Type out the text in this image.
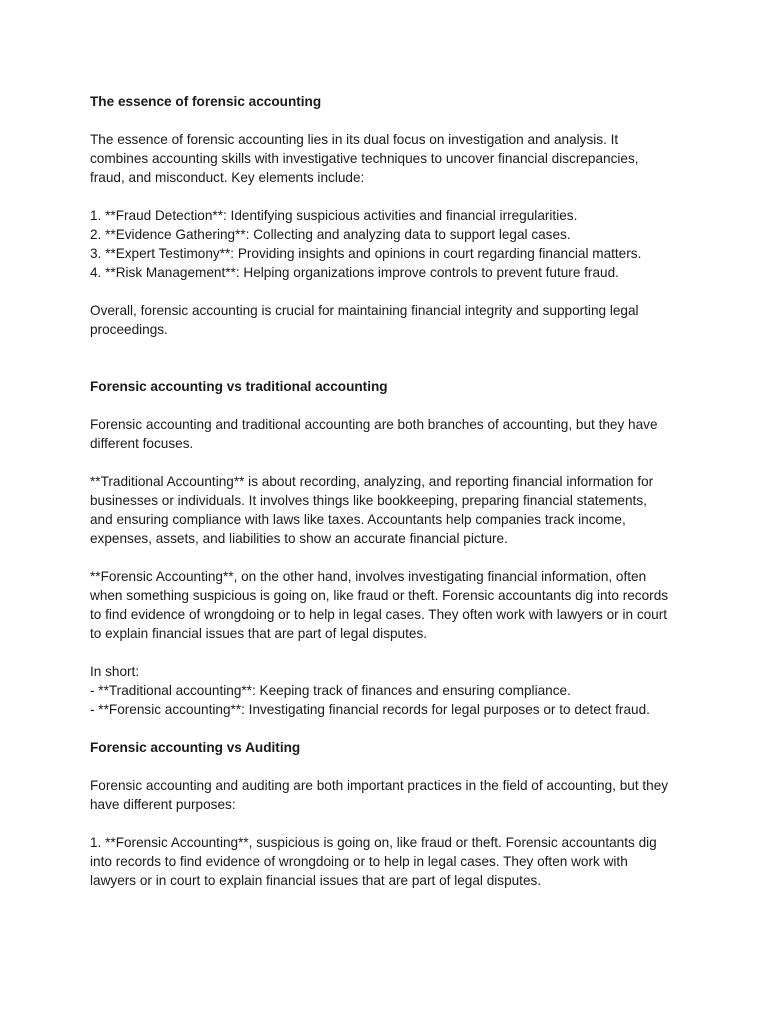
The essence of forensic accounting

The essence of forensic accounting lies in its dual focus on investigation and analysis. It
combines accounting skills with investigative techniques to uncover financial discrepancies,
fraud, and misconduct. Key elements include:

1. **Fraud Detection**: Identifying suspicious activities and financial irregularities.
2. **Evidence Gathering**: Collecting and analyzing data to support legal cases.
3. **Expert Testimony**: Providing insights and opinions in court regarding financial matters.
4. **Risk Management**: Helping organizations improve controls to prevent future fraud.

Overall, forensic accounting is crucial for maintaining financial integrity and supporting legal
proceedings.

Forensic accounting vs traditional accounting

Forensic accounting and traditional accounting are both branches of accounting, but they have
different focuses.

**Traditional Accounting** is about recording, analyzing, and reporting financial information for
businesses or individuals. It involves things like bookkeeping, preparing financial statements,
and ensuring compliance with laws like taxes. Accountants help companies track income,
expenses, assets, and liabilities to show an accurate financial picture.

**Forensic Accounting**, on the other hand, involves investigating financial information, often
when something suspicious is going on, like fraud or theft. Forensic accountants dig into records
to find evidence of wrongdoing or to help in legal cases. They often work with lawyers or in court
to explain financial issues that are part of legal disputes.

In short:
- **Traditional accounting**: Keeping track of finances and ensuring compliance.
- **Forensic accounting**: Investigating financial records for legal purposes or to detect fraud.

Forensic accounting vs Auditing

Forensic accounting and auditing are both important practices in the field of accounting, but they
have different purposes:

1. **Forensic Accounting**, suspicious is going on, like fraud or theft. Forensic accountants dig
into records to find evidence of wrongdoing or to help in legal cases. They often work with
lawyers or in court to explain financial issues that are part of legal disputes.
